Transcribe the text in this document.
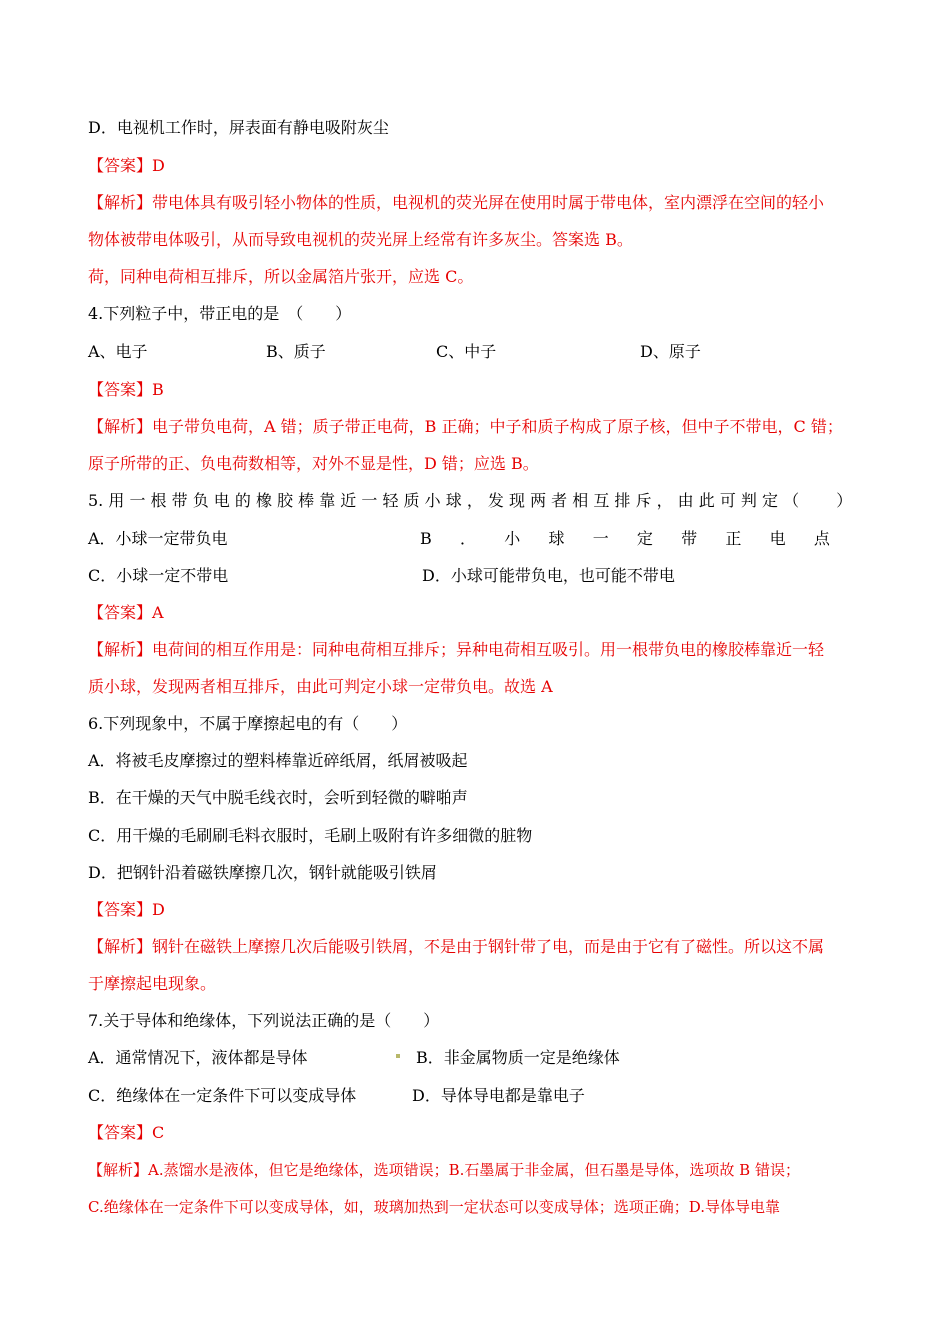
D．电视机工作时，屏表面有静电吸附灰尘
【答案】D
【解析】带电体具有吸引轻小物体的性质，电视机的荧光屏在使用时属于带电体，室内漂浮在空间的轻小
物体被带电体吸引，从而导致电视机的荧光屏上经常有许多灰尘。答案选 B。
荷，同种电荷相互排斥，所以金属箔片张开，应选 C。
4.下列粒子中，带正电的是　（　　）
A、电子	B、质子	C、中子	D、原子
【答案】B
【解析】电子带负电荷，A 错；质子带正电荷，B 正确；中子和质子构成了原子核，但中子不带电，C 错；
原子所带的正、负电荷数相等，对外不显是性，D 错；应选 B。
5. 用 一 根 带 负 电 的 橡 胶 棒 靠 近 一 轻 质 小 球 ， 发 现 两 者 相 互 排 斥 ， 由 此 可 判 定 （　　 ）
A．小球一定带负电	B ． 小 球 一 定 带 正 电 点
C．小球一定不带电	D．小球可能带负电，也可能不带电
【答案】A
【解析】电荷间的相互作用是：同种电荷相互排斥；异种电荷相互吸引。用一根带负电的橡胶棒靠近一轻
质小球，发现两者相互排斥，由此可判定小球一定带负电。故选 A
6.下列现象中，不属于摩擦起电的有（　　）
A．将被毛皮摩擦过的塑料棒靠近碎纸屑，纸屑被吸起
B．在干燥的天气中脱毛线衣时，会听到轻微的噼啪声
C．用干燥的毛刷刷毛料衣服时，毛刷上吸附有许多细微的脏物
D．把钢针沿着磁铁摩擦几次，钢针就能吸引铁屑
【答案】D
【解析】钢针在磁铁上摩擦几次后能吸引铁屑，不是由于钢针带了电，而是由于它有了磁性。所以这不属
于摩擦起电现象。
7.关于导体和绝缘体，下列说法正确的是（　　）
A．通常情况下，液体都是导体	B．非金属物质一定是绝缘体
C．绝缘体在一定条件下可以变成导体	D．导体导电都是靠电子
【答案】C
【解析】A.蒸馏水是液体，但它是绝缘体，选项错误；B.石墨属于非金属，但石墨是导体，选项故 B 错误；
C.绝缘体在一定条件下可以变成导体，如，玻璃加热到一定状态可以变成导体；选项正确；D.导体导电靠
